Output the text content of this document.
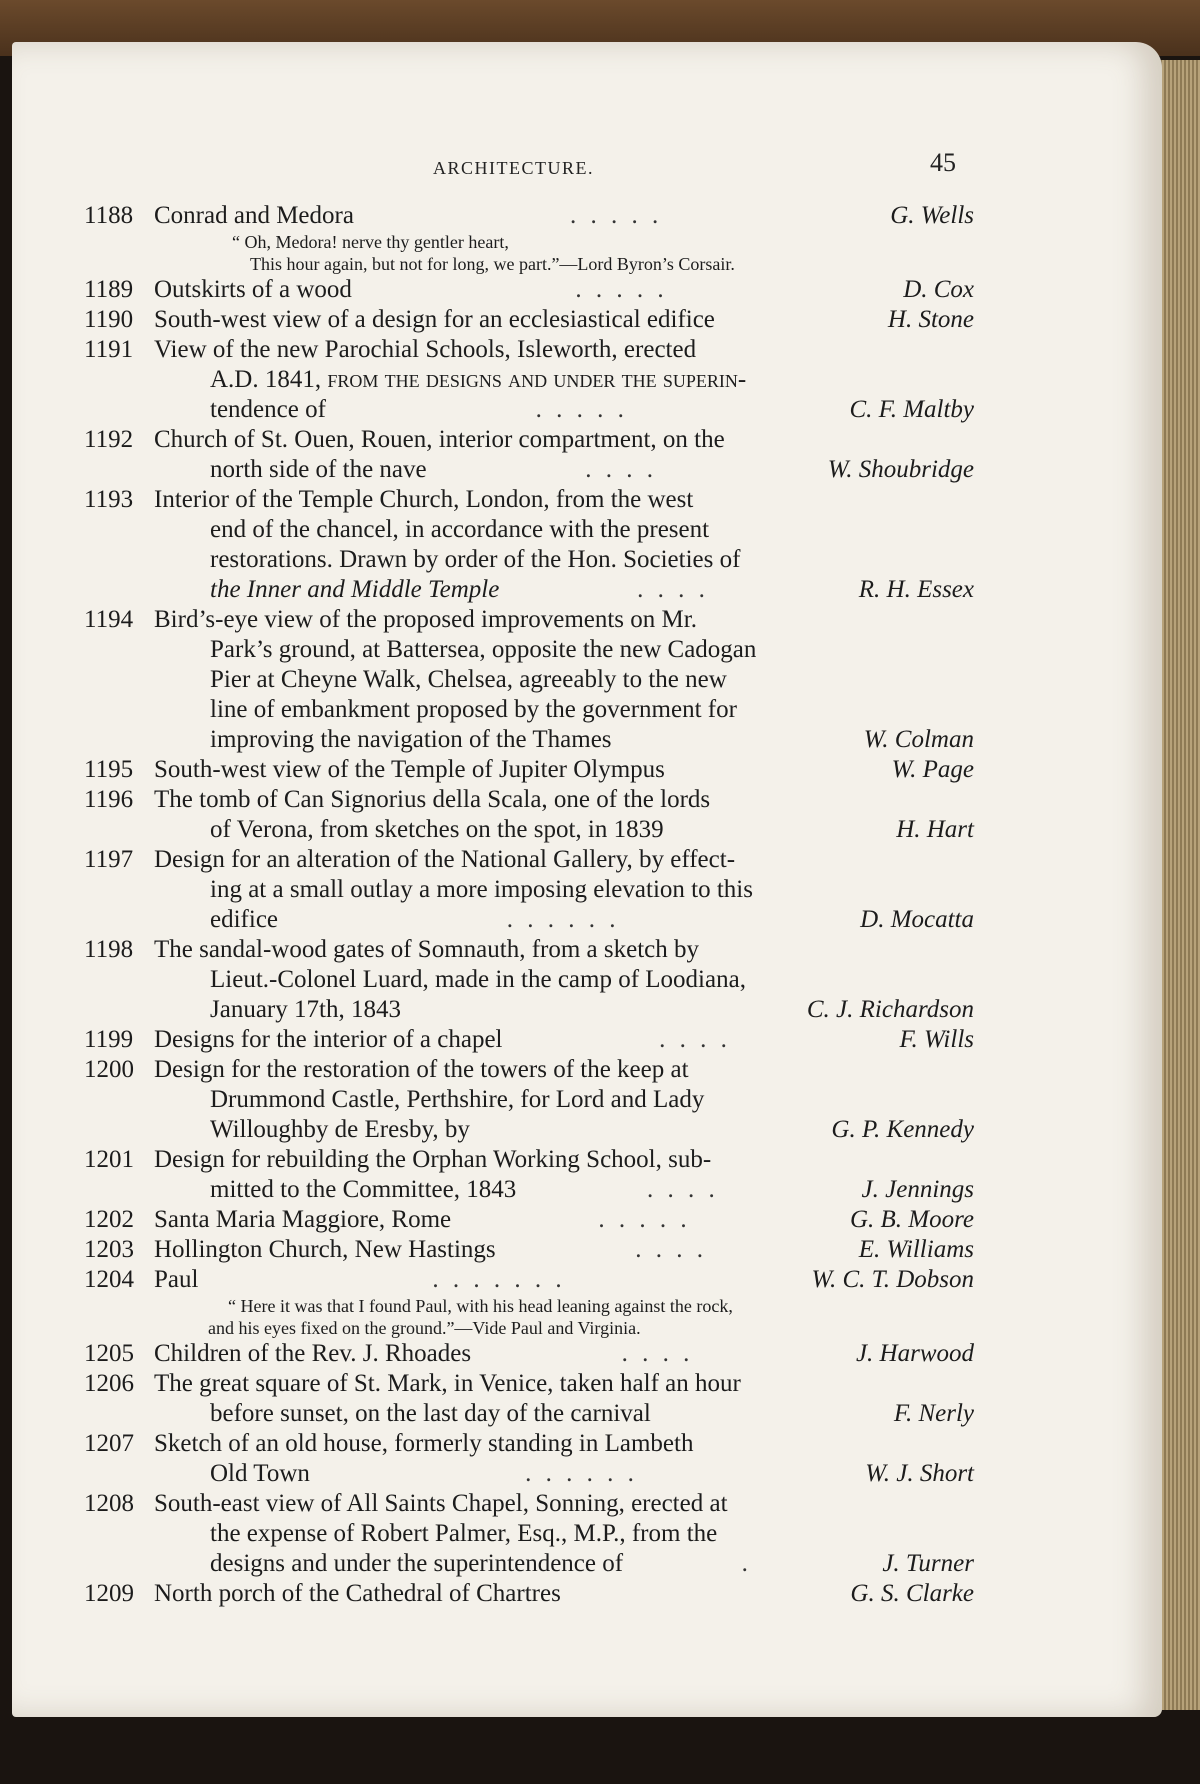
ARCHITECTURE.	45
1188 Conrad and Medora	. . . . .	G. Wells
“ Oh, Medora! nerve thy gentler heart,
This hour again, but not for long, we part.”—Lord Byron’s Corsair.
1189 Outskirts of a wood	. . . . .	D. Cox
1190 South-west view of a design for an ecclesiastical edifice	H. Stone
1191 View of the new Parochial Schools, Isleworth, erected
A.D. 1841, from the designs and under the superin-
tendence of	. . . . .	C. F. Maltby
1192 Church of St. Ouen, Rouen, interior compartment, on the
north side of the nave	. . . .	W. Shoubridge
1193 Interior of the Temple Church, London, from the west
end of the chancel, in accordance with the present
restorations. Drawn by order of the Hon. Societies of
the Inner and Middle Temple	. . . .	R. H. Essex
1194 Bird’s-eye view of the proposed improvements on Mr.
Park’s ground, at Battersea, opposite the new Cadogan
Pier at Cheyne Walk, Chelsea, agreeably to the new
line of embankment proposed by the government for
improving the navigation of the Thames	W. Colman
1195 South-west view of the Temple of Jupiter Olympus	W. Page
1196 The tomb of Can Signorius della Scala, one of the lords
of Verona, from sketches on the spot, in 1839	H. Hart
1197 Design for an alteration of the National Gallery, by effect-
ing at a small outlay a more imposing elevation to this
edifice	. . . . . .	D. Mocatta
1198 The sandal-wood gates of Somnauth, from a sketch by
Lieut.-Colonel Luard, made in the camp of Loodiana,
January 17th, 1843	C. J. Richardson
1199 Designs for the interior of a chapel	. . . .	F. Wills
1200 Design for the restoration of the towers of the keep at
Drummond Castle, Perthshire, for Lord and Lady
Willoughby de Eresby, by	G. P. Kennedy
1201 Design for rebuilding the Orphan Working School, sub-
mitted to the Committee, 1843	. . . .	J. Jennings
1202 Santa Maria Maggiore, Rome	. . . . .	G. B. Moore
1203 Hollington Church, New Hastings	. . . .	E. Williams
1204 Paul	. . . . . . .	W. C. T. Dobson
“ Here it was that I found Paul, with his head leaning against the rock,
and his eyes fixed on the ground.”—Vide Paul and Virginia.
1205 Children of the Rev. J. Rhoades	. . . .	J. Harwood
1206 The great square of St. Mark, in Venice, taken half an hour
before sunset, on the last day of the carnival	F. Nerly
1207 Sketch of an old house, formerly standing in Lambeth
Old Town	. . . . . .	W. J. Short
1208 South-east view of All Saints Chapel, Sonning, erected at
the expense of Robert Palmer, Esq., M.P., from the
designs and under the superintendence of	.	J. Turner
1209 North porch of the Cathedral of Chartres	G. S. Clarke
